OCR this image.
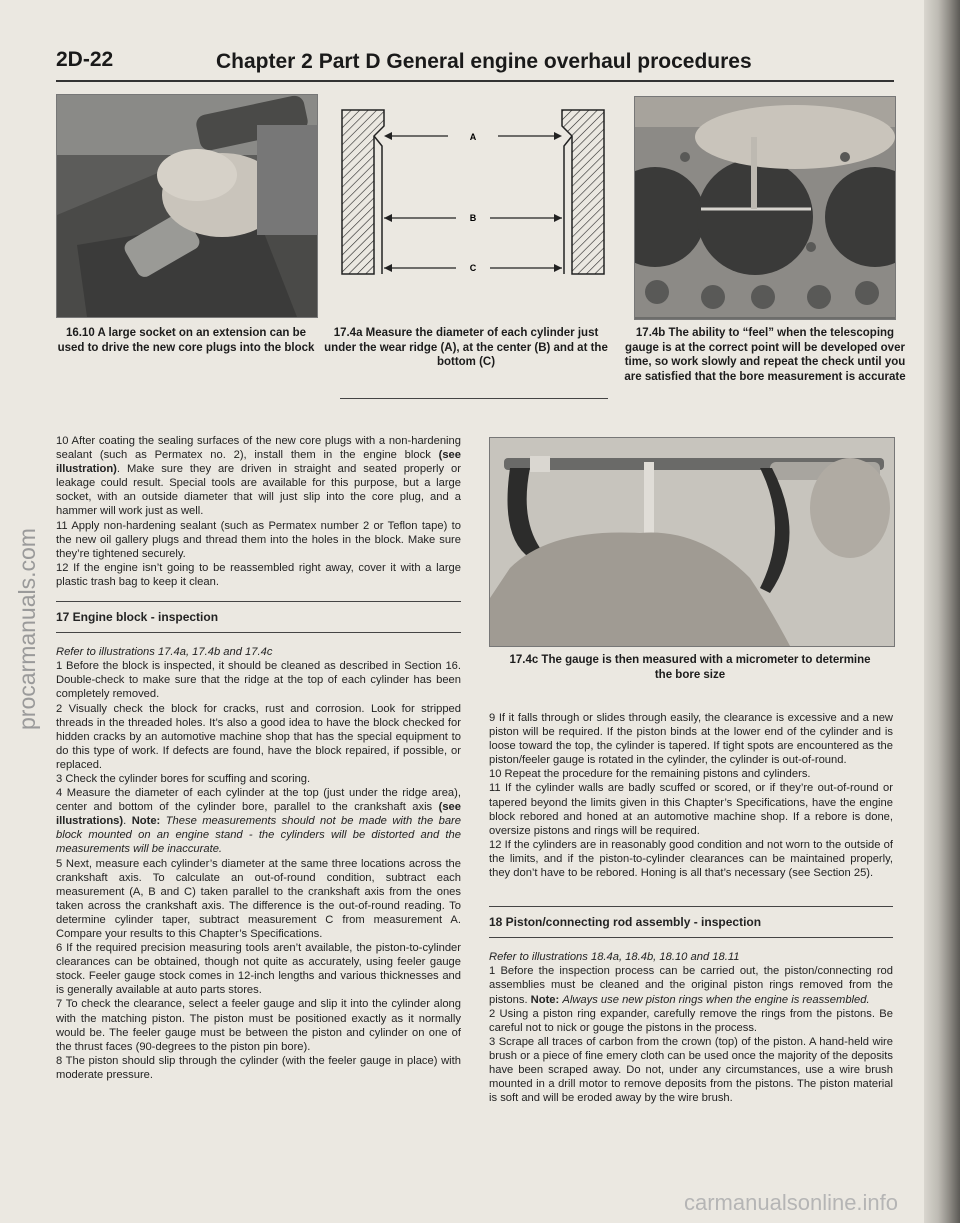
2D-22	Chapter 2 Part D General engine overhaul procedures
16.10 A large socket on an extension can be used to drive the new core plugs into the block
A
B
C
17.4a Measure the diameter of each cylinder just under the wear ridge (A), at the center (B) and at the bottom (C)
17.4b The ability to “feel” when the telescoping gauge is at the correct point will be developed over time, so work slowly and repeat the check until you are satisfied that the bore measurement is accurate
17.4c The gauge is then measured with a micrometer to determine the bore size

10 After coating the sealing surfaces of the new core plugs with a non-hardening sealant (such as Permatex no. 2), install them in the engine block (see illustration). Make sure they are driven in straight and seated properly or leakage could result. Special tools are available for this purpose, but a large socket, with an outside diameter that will just slip into the core plug, and a hammer will work just as well.

11 Apply non-hardening sealant (such as Permatex number 2 or Teflon tape) to the new oil gallery plugs and thread them into the holes in the block. Make sure they’re tightened securely.

12 If the engine isn’t going to be reassembled right away, cover it with a large plastic trash bag to keep it clean.

17 Engine block - inspection

Refer to illustrations 17.4a, 17.4b and 17.4c

1 Before the block is inspected, it should be cleaned as described in Section 16. Double-check to make sure that the ridge at the top of each cylinder has been completely removed.

2 Visually check the block for cracks, rust and corrosion. Look for stripped threads in the threaded holes. It’s also a good idea to have the block checked for hidden cracks by an automotive machine shop that has the special equipment to do this type of work. If defects are found, have the block repaired, if possible, or replaced.

3 Check the cylinder bores for scuffing and scoring.

4 Measure the diameter of each cylinder at the top (just under the ridge area), center and bottom of the cylinder bore, parallel to the crankshaft axis (see illustrations). Note: These measurements should not be made with the bare block mounted on an engine stand - the cylinders will be distorted and the measurements will be inaccurate.

5 Next, measure each cylinder’s diameter at the same three locations across the crankshaft axis. To calculate an out-of-round condition, subtract each measurement (A, B and C) taken parallel to the crankshaft axis from the ones taken across the crankshaft axis. The difference is the out-of-round reading. To determine cylinder taper, subtract measurement C from measurement A. Compare your results to this Chapter’s Specifications.

6 If the required precision measuring tools aren’t available, the piston-to-cylinder clearances can be obtained, though not quite as accurately, using feeler gauge stock. Feeler gauge stock comes in 12-inch lengths and various thicknesses and is generally available at auto parts stores.

7 To check the clearance, select a feeler gauge and slip it into the cylinder along with the matching piston. The piston must be positioned exactly as it normally would be. The feeler gauge must be between the piston and cylinder on one of the thrust faces (90-degrees to the piston pin bore).

8 The piston should slip through the cylinder (with the feeler gauge in place) with moderate pressure.

9 If it falls through or slides through easily, the clearance is excessive and a new piston will be required. If the piston binds at the lower end of the cylinder and is loose toward the top, the cylinder is tapered. If tight spots are encountered as the piston/feeler gauge is rotated in the cylinder, the cylinder is out-of-round.

10 Repeat the procedure for the remaining pistons and cylinders.

11 If the cylinder walls are badly scuffed or scored, or if they’re out-of-round or tapered beyond the limits given in this Chapter’s Specifications, have the engine block rebored and honed at an automotive machine shop. If a rebore is done, oversize pistons and rings will be required.

12 If the cylinders are in reasonably good condition and not worn to the outside of the limits, and if the piston-to-cylinder clearances can be maintained properly, they don’t have to be rebored. Honing is all that’s necessary (see Section 25).

18 Piston/connecting rod assembly - inspection

Refer to illustrations 18.4a, 18.4b, 18.10 and 18.11

1 Before the inspection process can be carried out, the piston/connecting rod assemblies must be cleaned and the original piston rings removed from the pistons. Note: Always use new piston rings when the engine is reassembled.

2 Using a piston ring expander, carefully remove the rings from the pistons. Be careful not to nick or gouge the pistons in the process.

3 Scrape all traces of carbon from the crown (top) of the piston. A hand-held wire brush or a piece of fine emery cloth can be used once the majority of the deposits have been scraped away. Do not, under any circumstances, use a wire brush mounted in a drill motor to remove deposits from the pistons. The piston material is soft and will be eroded away by the wire brush.

procarmanuals.com
carmanualsonline.info
